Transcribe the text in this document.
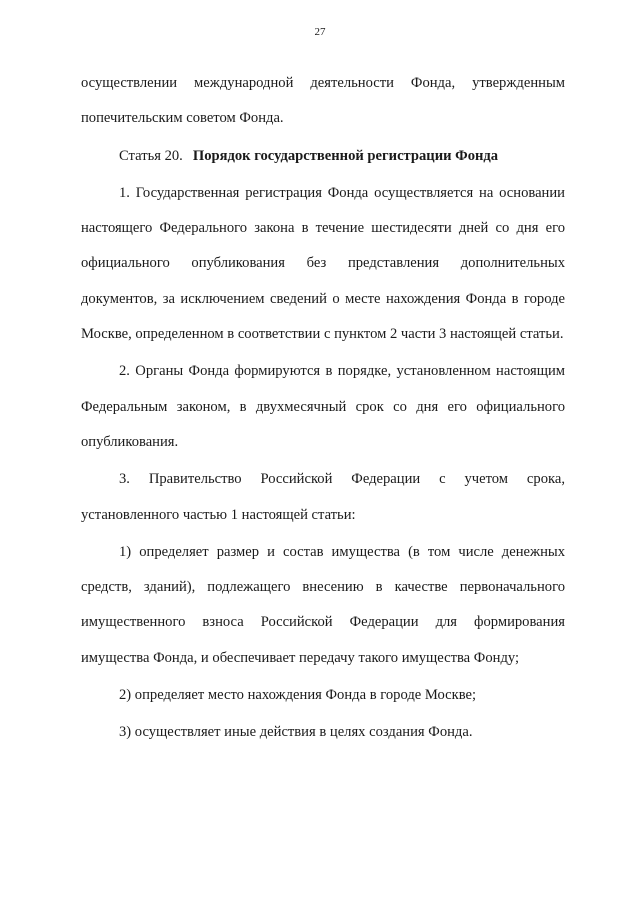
27

осуществлении международной деятельности Фонда, утвержденным попечительским советом Фонда.

Статья 20. Порядок государственной регистрации Фонда

1. Государственная регистрация Фонда осуществляется на основании настоящего Федерального закона в течение шестидесяти дней со дня его официального опубликования без представления дополнительных документов, за исключением сведений о месте нахождения Фонда в городе Москве, определенном в соответствии с пунктом 2 части 3 настоящей статьи.

2. Органы Фонда формируются в порядке, установленном настоящим Федеральным законом, в двухмесячный срок со дня его официального опубликования.

3. Правительство Российской Федерации с учетом срока, установленного частью 1 настоящей статьи:

1) определяет размер и состав имущества (в том числе денежных средств, зданий), подлежащего внесению в качестве первоначального имущественного взноса Российской Федерации для формирования имущества Фонда, и обеспечивает передачу такого имущества Фонду;

2) определяет место нахождения Фонда в городе Москве;

3) осуществляет иные действия в целях создания Фонда.
